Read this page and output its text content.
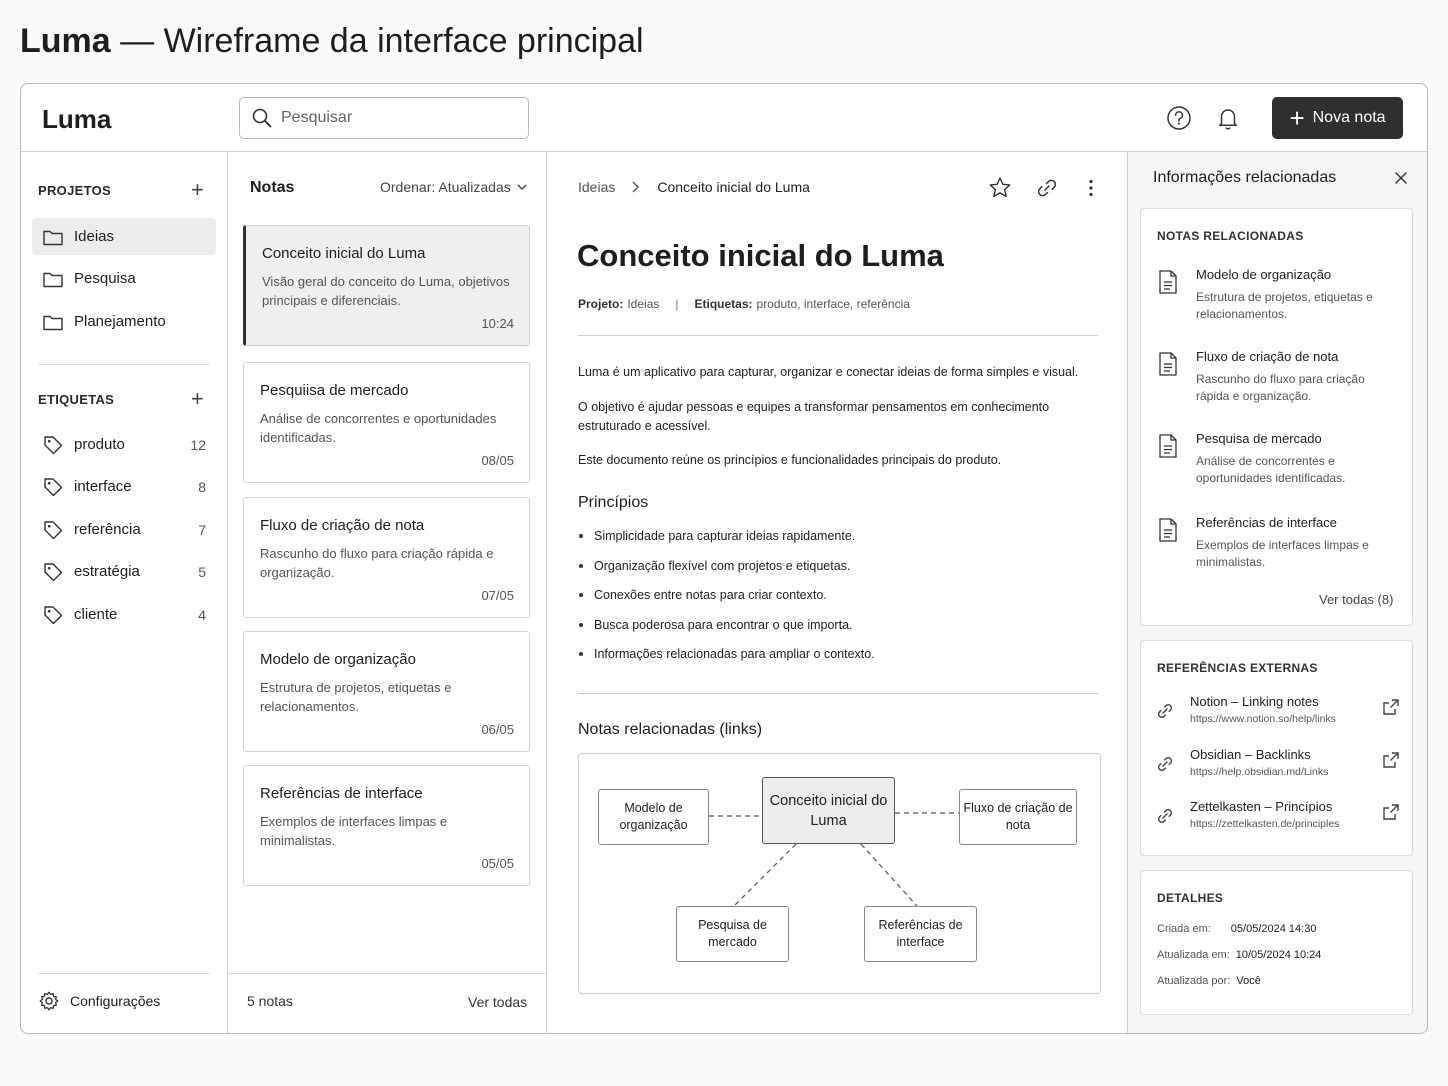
Luma — Wireframe da interface principal
Luma
Pesquisar	+ Nova nota
PROJETOS	+
Ideias
Pesquisa
Planejamento
ETIQUETAS	+
produto	12
interface	8
referência	7
estratégia	5
cliente	4
Configurações
Notas	Ordenar: Atualizadas
Conceito inicial do Luma
Visão geral do conceito do Luma, objetivos principais e diferenciais.
10:24
Pesquiisa de mercado
Análise de concorrentes e oportunidades identificadas.
08/05
Fluxo de criação de nota
Rascunho do fluxo para criação rápida e organização.
07/05
Modelo de organização
Estrutura de projetos, etiquetas e relacionamentos.
06/05
Referências de interface
Exemplos de interfaces limpas e minimalistas.
05/05
5 notas	Ver todas
Ideias	Conceito inicial do Luma
Conceito inicial do Luma
Projeto: Ideias | Etiquetas: produto, interface, referência
Luma é um aplicativo para capturar, organizar e conectar ideias de forma simples e visual.
O objetivo é ajudar pessoas e equipes a transformar pensamentos em conhecimento estruturado e acessível.
Este documento reúne os princípios e funcionalidades principais do produto.
Princípios
Simplicidade para capturar ideias rapidamente.
Organização flexível com projetos e etiquetas.
Conexões entre notas para criar contexto.
Busca poderosa para encontrar o que importa.
Informações relacionadas para ampliar o contexto.
Notas relacionadas (links)
Modelo de organização
Conceito inicial do Luma
Fluxo de criação de nota
Pesquisa de mercado
Referências de interface
Informações relacionadas
NOTAS RELACIONADAS
Modelo de organização
Estrutura de projetos, etiquetas e relacionamentos.
Fluxo de criação de nota
Rascunho do fluxo para criação rápida e organização.
Pesquisa de mercado
Análise de concorrentes e oportunidades identificadas.
Referências de interface
Exemplos de interfaces limpas e minimalistas.
Ver todas (8)
REFERÊNCIAS EXTERNAS
Notion – Linking notes
https://www.notion.so/help/links
Obsidian – Backlinks
https://help.obsidian.md/Links
Zettelkasten – Princípios
https://zettelkasten.de/principles
DETALHES
Criada em: 05/05/2024 14:30
Atualizada em: 10/05/2024 10:24
Atualizada por: Você
